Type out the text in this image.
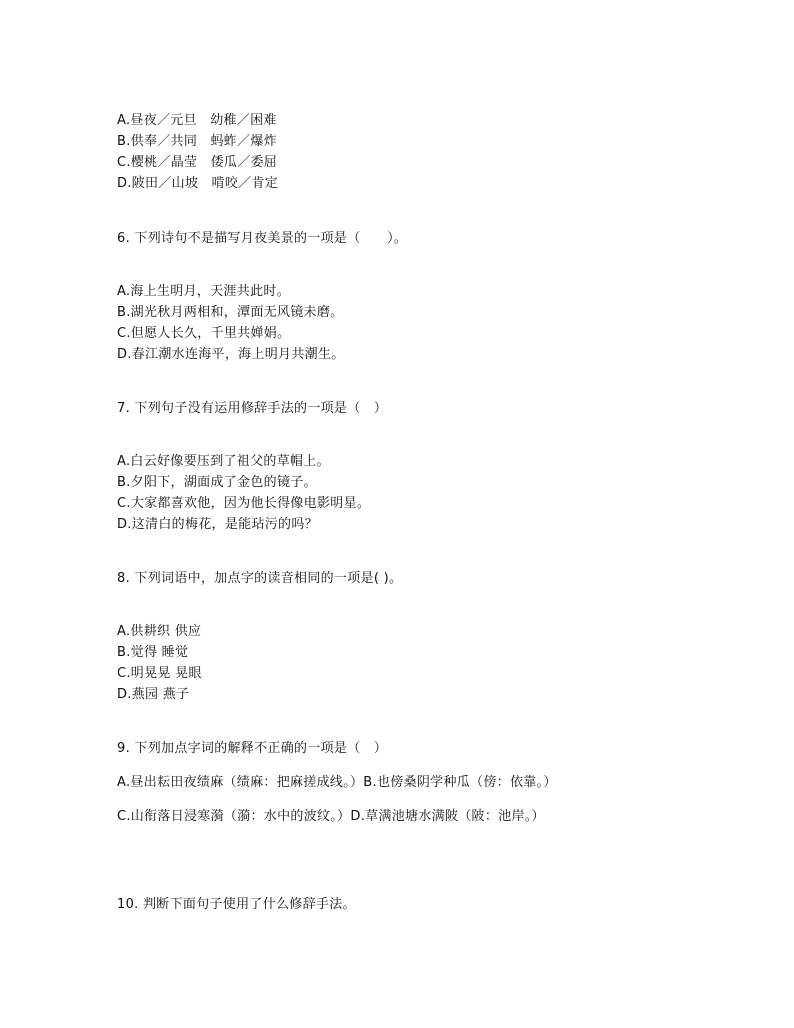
A.昼夜／元旦　幼稚／困难
B.供奉／共同　蚂蚱／爆炸
C.樱桃／晶莹　倭瓜／委屈
D.陂田／山坡　啃咬／肯定
6. 下列诗句不是描写月夜美景的一项是（　　）。
A.海上生明月，天涯共此时。
B.湖光秋月两相和，潭面无风镜未磨。
C.但愿人长久，千里共婵娟。
D.春江潮水连海平，海上明月共潮生。
7. 下列句子没有运用修辞手法的一项是（　）
A.白云好像要压到了祖父的草帽上。
B.夕阳下，湖面成了金色的镜子。
C.大家都喜欢他，因为他长得像电影明星。
D.这清白的梅花，是能玷污的吗？
8. 下列词语中，加点字的读音相同的一项是( )。
A.供耕织 供应
B.觉得 睡觉
C.明晃晃 晃眼
D.燕园 燕子
9. 下列加点字词的解释不正确的一项是（　）
A.昼出耘田夜绩麻（绩麻：把麻搓成线。）B.也傍桑阴学种瓜（傍：依靠。）
C.山衔落日浸寒漪（漪：水中的波纹。）D.草满池塘水满陂（陂：池岸。）
10. 判断下面句子使用了什么修辞手法。
